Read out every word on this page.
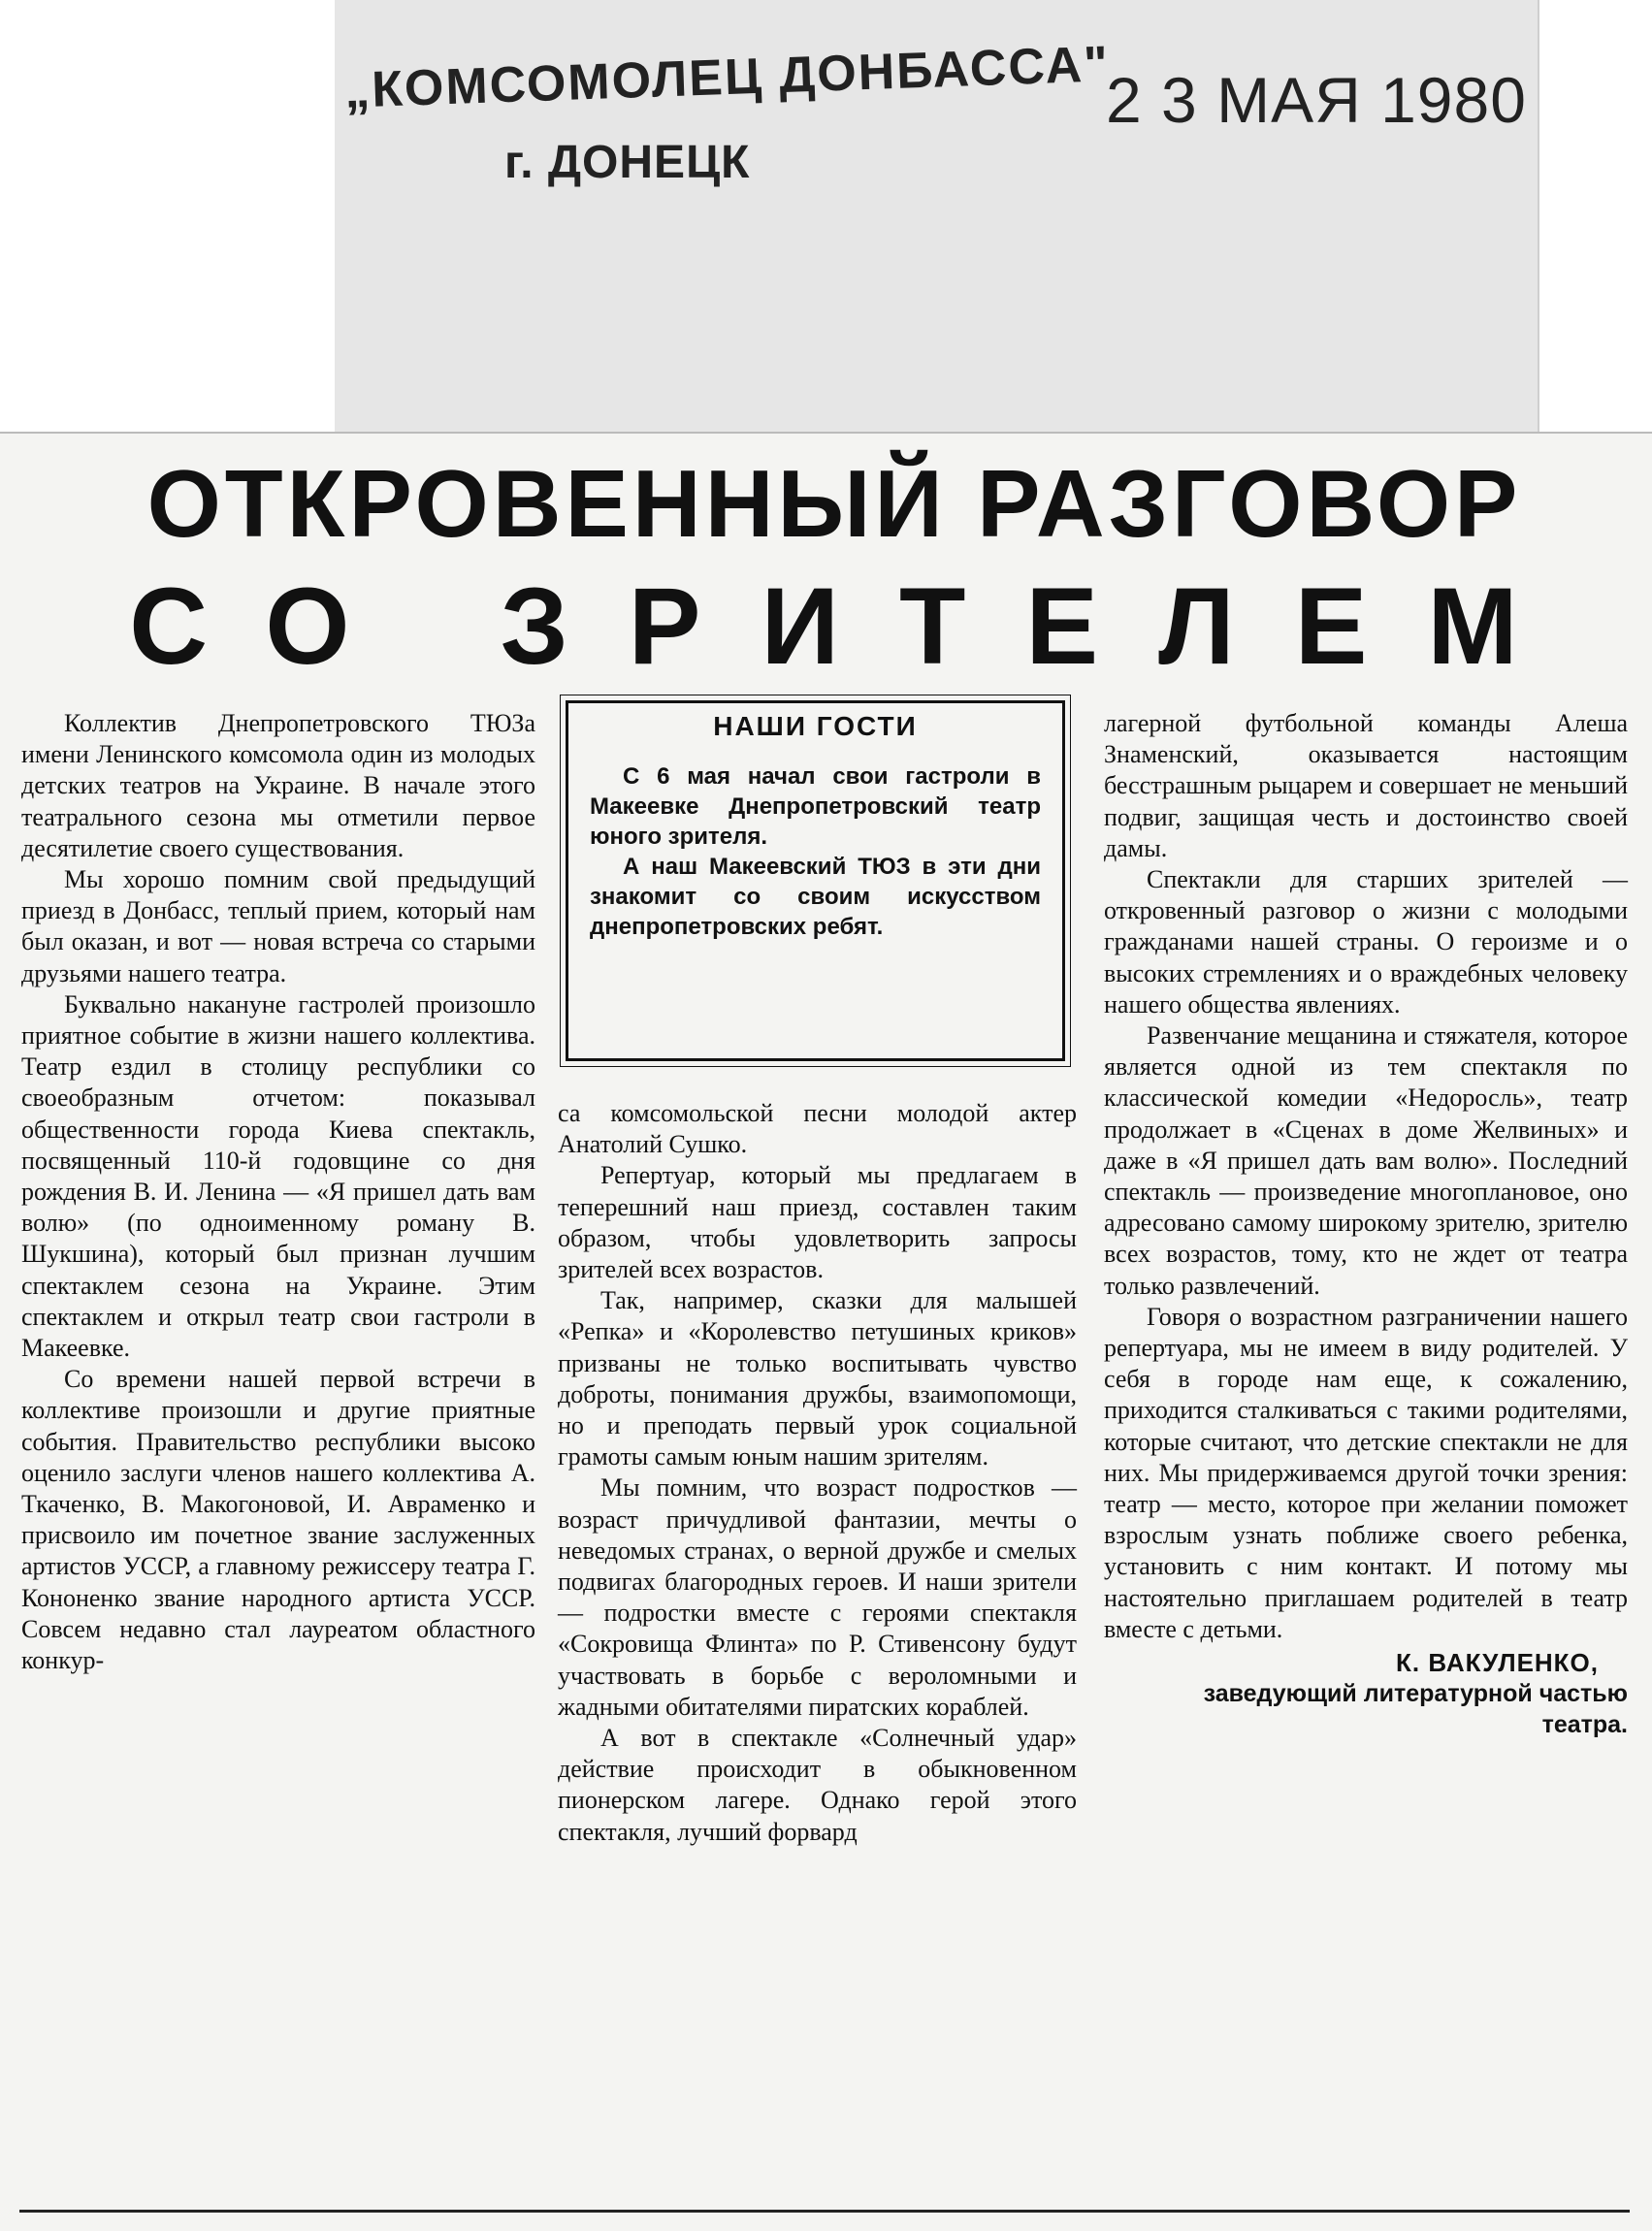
„КОМСОМОЛЕЦ ДОНБАССА"
г. ДОНЕЦК
2 3 МАЯ 1980
ОТКРОВЕННЫЙ РАЗГОВОР
СО ЗРИТЕЛЕМ

Коллектив Днепропетровского ТЮЗа имени Ленинского комсомола один из молодых детских театров на Украине. В начале этого театрального сезона мы отметили первое десятилетие своего существования.

Мы хорошо помним свой предыдущий приезд в Донбасс, теплый прием, который нам был оказан, и вот — новая встреча со старыми друзьями нашего театра.

Буквально накануне гастролей произошло приятное событие в жизни нашего коллектива. Театр ездил в столицу республики со своеобразным отчетом: показывал общественности города Киева спектакль, посвященный 110-й годовщине со дня рождения В. И. Ленина — «Я пришел дать вам волю» (по одноименному роману В. Шукшина), который был признан лучшим спектаклем сезона на Украине. Этим спектаклем и открыл театр свои гастроли в Макеевке.

Со времени нашей первой встречи в коллективе произошли и другие приятные события. Правительство республики высоко оценило заслуги членов нашего коллектива А. Ткаченко, В. Макогоновой, И. Авраменко и присвоило им почетное звание заслуженных артистов УССР, а главному режиссеру театра Г. Кононенко звание народного артиста УССР. Совсем недавно стал лауреатом областного конкур-

НАШИ ГОСТИ

С 6 мая начал свои гастроли в Макеевке Днепропетровский театр юного зрителя.

А наш Макеевский ТЮЗ в эти дни знакомит со своим искусством днепропетровских ребят.

са комсомольской песни молодой актер Анатолий Сушко.

Репертуар, который мы предлагаем в теперешний наш приезд, составлен таким образом, чтобы удовлетворить запросы зрителей всех возрастов.

Так, например, сказки для малышей «Репка» и «Королевство петушиных криков» призваны не только воспитывать чувство доброты, понимания дружбы, взаимопомощи, но и преподать первый урок социальной грамоты самым юным нашим зрителям.

Мы помним, что возраст подростков — возраст причудливой фантазии, мечты о неведомых странах, о верной дружбе и смелых подвигах благородных героев. И наши зрители — подростки вместе с героями спектакля «Сокровища Флинта» по Р. Стивенсону будут участвовать в борьбе с вероломными и жадными обитателями пиратских кораблей.

А вот в спектакле «Солнечный удар» действие происходит в обыкновенном пионерском лагере. Однако герой этого спектакля, лучший форвард

лагерной футбольной команды Алеша Знаменский, оказывается настоящим бесстрашным рыцарем и совершает не меньший подвиг, защищая честь и достоинство своей дамы.

Спектакли для старших зрителей — откровенный разговор о жизни с молодыми гражданами нашей страны. О героизме и о высоких стремлениях и о враждебных человеку нашего общества явлениях.

Развенчание мещанина и стяжателя, которое является одной из тем спектакля по классической комедии «Недоросль», театр продолжает в «Сценах в доме Желвиных» и даже в «Я пришел дать вам волю». Последний спектакль — произведение многоплановое, оно адресовано самому широкому зрителю, зрителю всех возрастов, тому, кто не ждет от театра только развлечений.

Говоря о возрастном разграничении нашего репертуара, мы не имеем в виду родителей. У себя в городе нам еще, к сожалению, приходится сталкиваться с такими родителями, которые считают, что детские спектакли не для них. Мы придерживаемся другой точки зрения: театр — место, которое при желании поможет взрослым узнать поближе своего ребенка, установить с ним контакт. И потому мы настоятельно приглашаем родителей в театр вместе с детьми.

К. ВАКУЛЕНКО,
заведующий литературной частью театра.
